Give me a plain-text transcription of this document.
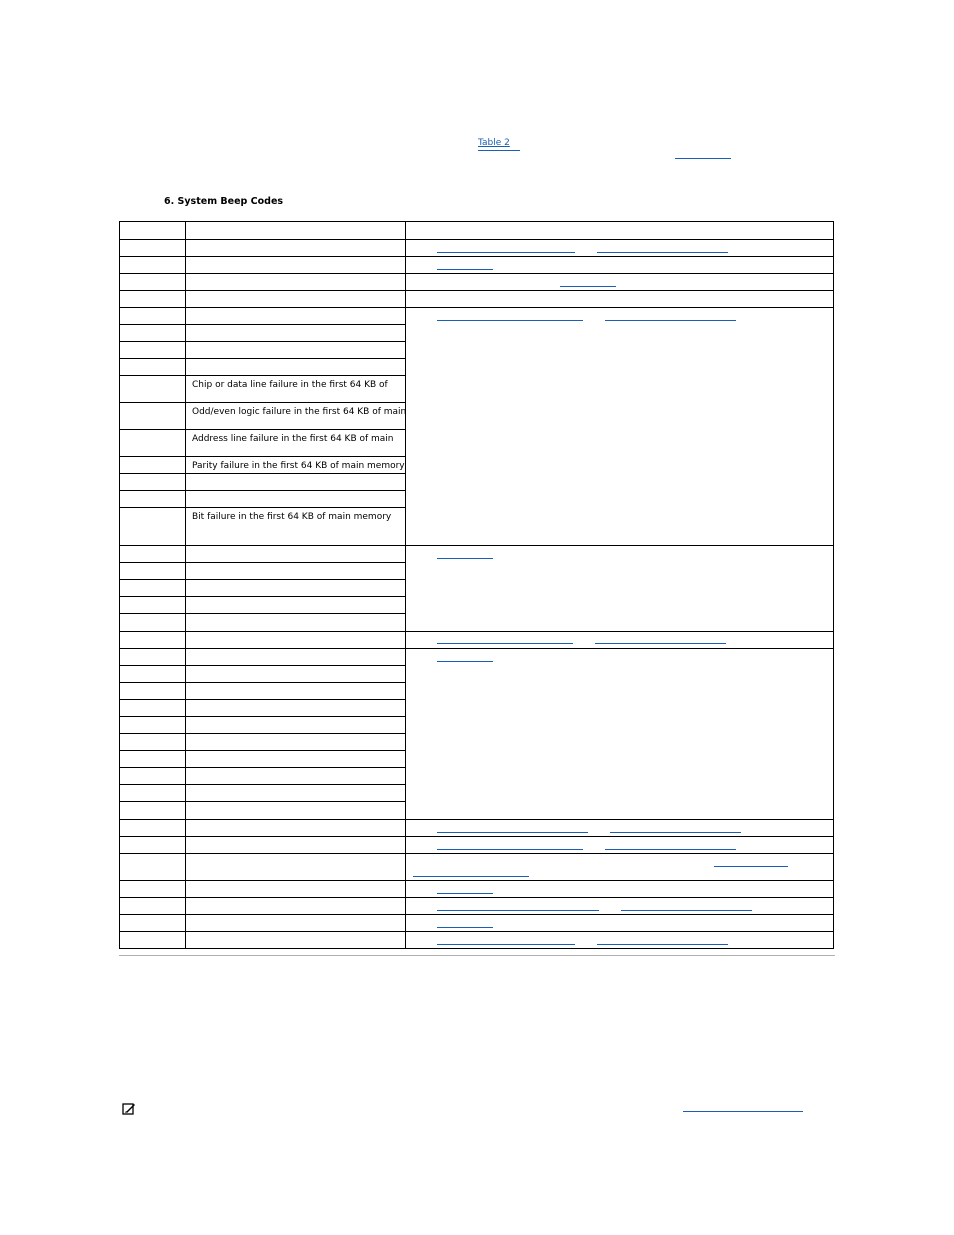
Table 2
6. System Beep Codes
Chip or data line failure in the first 64 KB of
Odd/even logic failure in the first 64 KB of main
Address line failure in the first 64 KB of main
Parity failure in the first 64 KB of main memory
Bit failure in the first 64 KB of main memory
